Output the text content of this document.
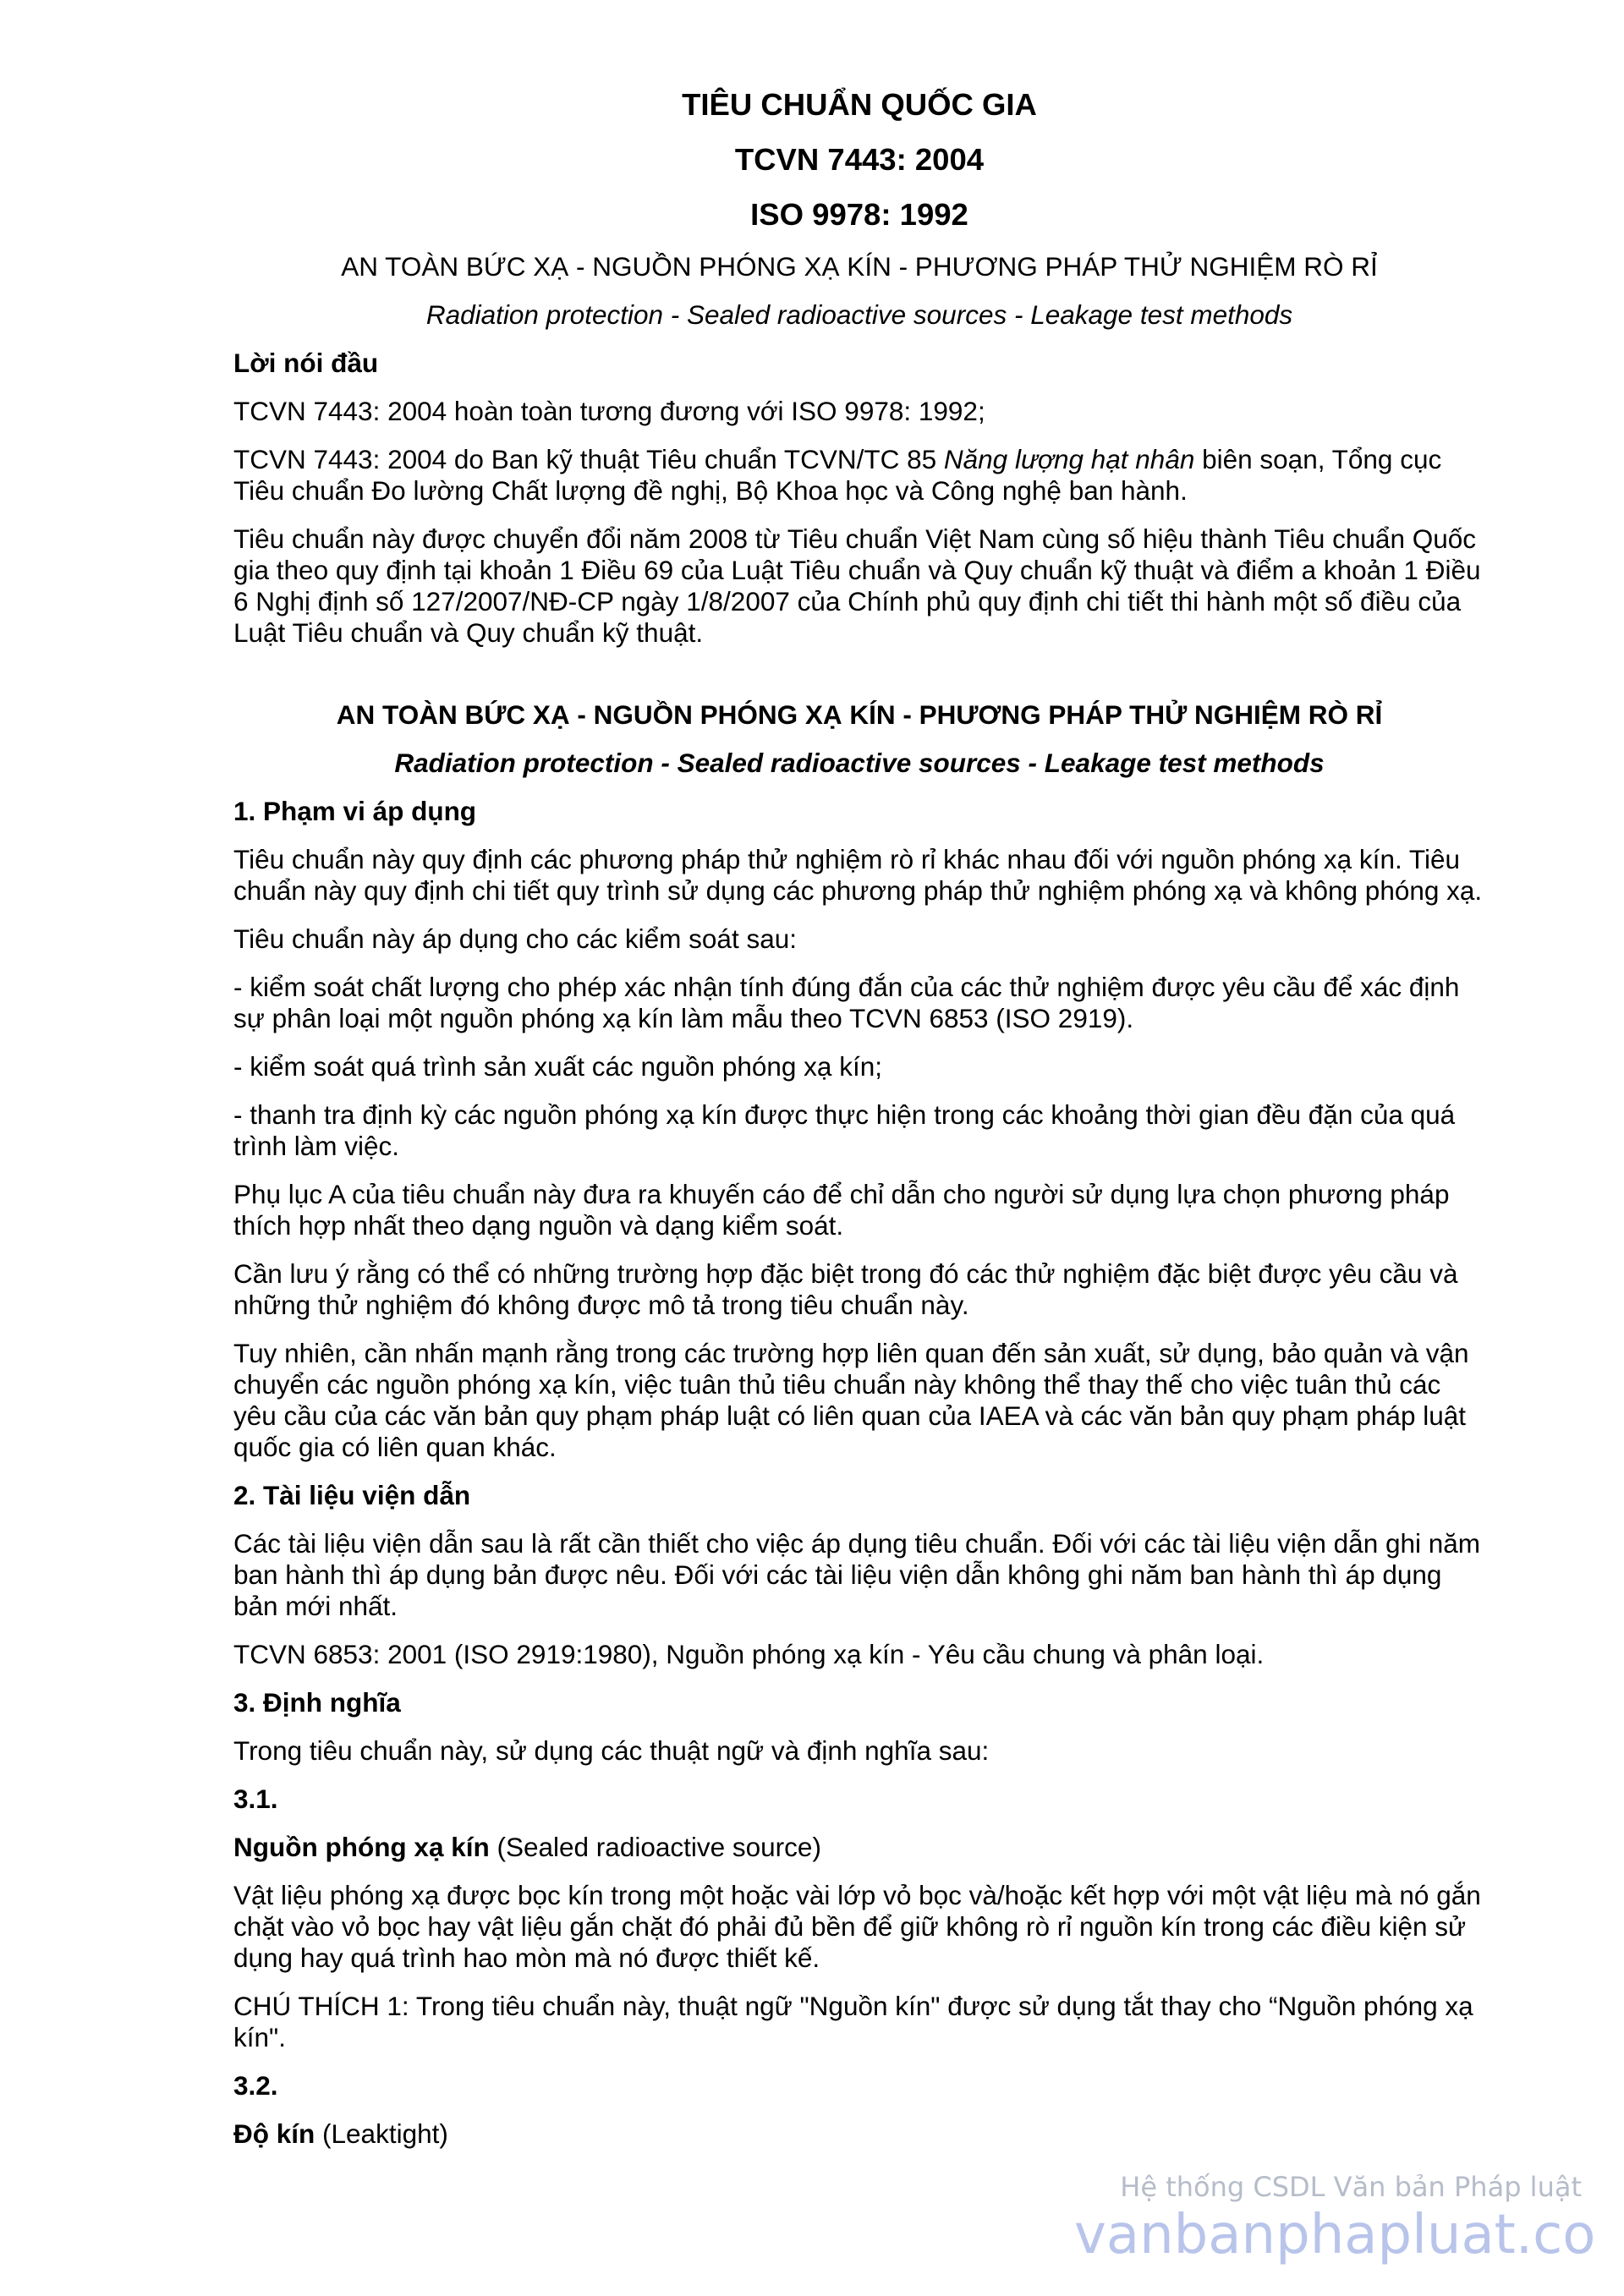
TIÊU CHUẨN QUỐC GIA

TCVN 7443: 2004

ISO 9978: 1992

AN TOÀN BỨC XẠ - NGUỒN PHÓNG XẠ KÍN - PHƯƠNG PHÁP THỬ NGHIỆM RÒ RỈ

Radiation protection - Sealed radioactive sources - Leakage test methods

Lời nói đầu

TCVN 7443: 2004 hoàn toàn tương đương với ISO 9978: 1992;

TCVN 7443: 2004 do Ban kỹ thuật Tiêu chuẩn TCVN/TC 85 Năng lượng hạt nhân biên soạn, Tổng cục Tiêu chuẩn Đo lường Chất lượng đề nghị, Bộ Khoa học và Công nghệ ban hành.

Tiêu chuẩn này được chuyển đổi năm 2008 từ Tiêu chuẩn Việt Nam cùng số hiệu thành Tiêu chuẩn Quốc gia theo quy định tại khoản 1 Điều 69 của Luật Tiêu chuẩn và Quy chuẩn kỹ thuật và điểm a khoản 1 Điều 6 Nghị định số 127/2007/NĐ-CP ngày 1/8/2007 của Chính phủ quy định chi tiết thi hành một số điều của Luật Tiêu chuẩn và Quy chuẩn kỹ thuật.

AN TOÀN BỨC XẠ - NGUỒN PHÓNG XẠ KÍN - PHƯƠNG PHÁP THỬ NGHIỆM RÒ RỈ

Radiation protection - Sealed radioactive sources - Leakage test methods

1. Phạm vi áp dụng

Tiêu chuẩn này quy định các phương pháp thử nghiệm rò rỉ khác nhau đối với nguồn phóng xạ kín. Tiêu chuẩn này quy định chi tiết quy trình sử dụng các phương pháp thử nghiệm phóng xạ và không phóng xạ.

Tiêu chuẩn này áp dụng cho các kiểm soát sau:

- kiểm soát chất lượng cho phép xác nhận tính đúng đắn của các thử nghiệm được yêu cầu để xác định sự phân loại một nguồn phóng xạ kín làm mẫu theo TCVN 6853 (ISO 2919).

- kiểm soát quá trình sản xuất các nguồn phóng xạ kín;

- thanh tra định kỳ các nguồn phóng xạ kín được thực hiện trong các khoảng thời gian đều đặn của quá trình làm việc.

Phụ lục A của tiêu chuẩn này đưa ra khuyến cáo để chỉ dẫn cho người sử dụng lựa chọn phương pháp thích hợp nhất theo dạng nguồn và dạng kiểm soát.

Cần lưu ý rằng có thể có những trường hợp đặc biệt trong đó các thử nghiệm đặc biệt được yêu cầu và những thử nghiệm đó không được mô tả trong tiêu chuẩn này.

Tuy nhiên, cần nhấn mạnh rằng trong các trường hợp liên quan đến sản xuất, sử dụng, bảo quản và vận chuyển các nguồn phóng xạ kín, việc tuân thủ tiêu chuẩn này không thể thay thế cho việc tuân thủ các yêu cầu của các văn bản quy phạm pháp luật có liên quan của IAEA và các văn bản quy phạm pháp luật quốc gia có liên quan khác.

2. Tài liệu viện dẫn

Các tài liệu viện dẫn sau là rất cần thiết cho việc áp dụng tiêu chuẩn. Đối với các tài liệu viện dẫn ghi năm ban hành thì áp dụng bản được nêu. Đối với các tài liệu viện dẫn không ghi năm ban hành thì áp dụng bản mới nhất.

TCVN 6853: 2001 (ISO 2919:1980), Nguồn phóng xạ kín - Yêu cầu chung và phân loại.

3. Định nghĩa

Trong tiêu chuẩn này, sử dụng các thuật ngữ và định nghĩa sau:

3.1.

Nguồn phóng xạ kín (Sealed radioactive source)

Vật liệu phóng xạ được bọc kín trong một hoặc vài lớp vỏ bọc và/hoặc kết hợp với một vật liệu mà nó gắn chặt vào vỏ bọc hay vật liệu gắn chặt đó phải đủ bền để giữ không rò rỉ nguồn kín trong các điều kiện sử dụng hay quá trình hao mòn mà nó được thiết kế.

CHÚ THÍCH 1: Trong tiêu chuẩn này, thuật ngữ "Nguồn kín" được sử dụng tắt thay cho “Nguồn phóng xạ kín".

3.2.

Độ kín (Leaktight)

Hệ thống CSDL Văn bản Pháp luật
vanbanphapluat.co
